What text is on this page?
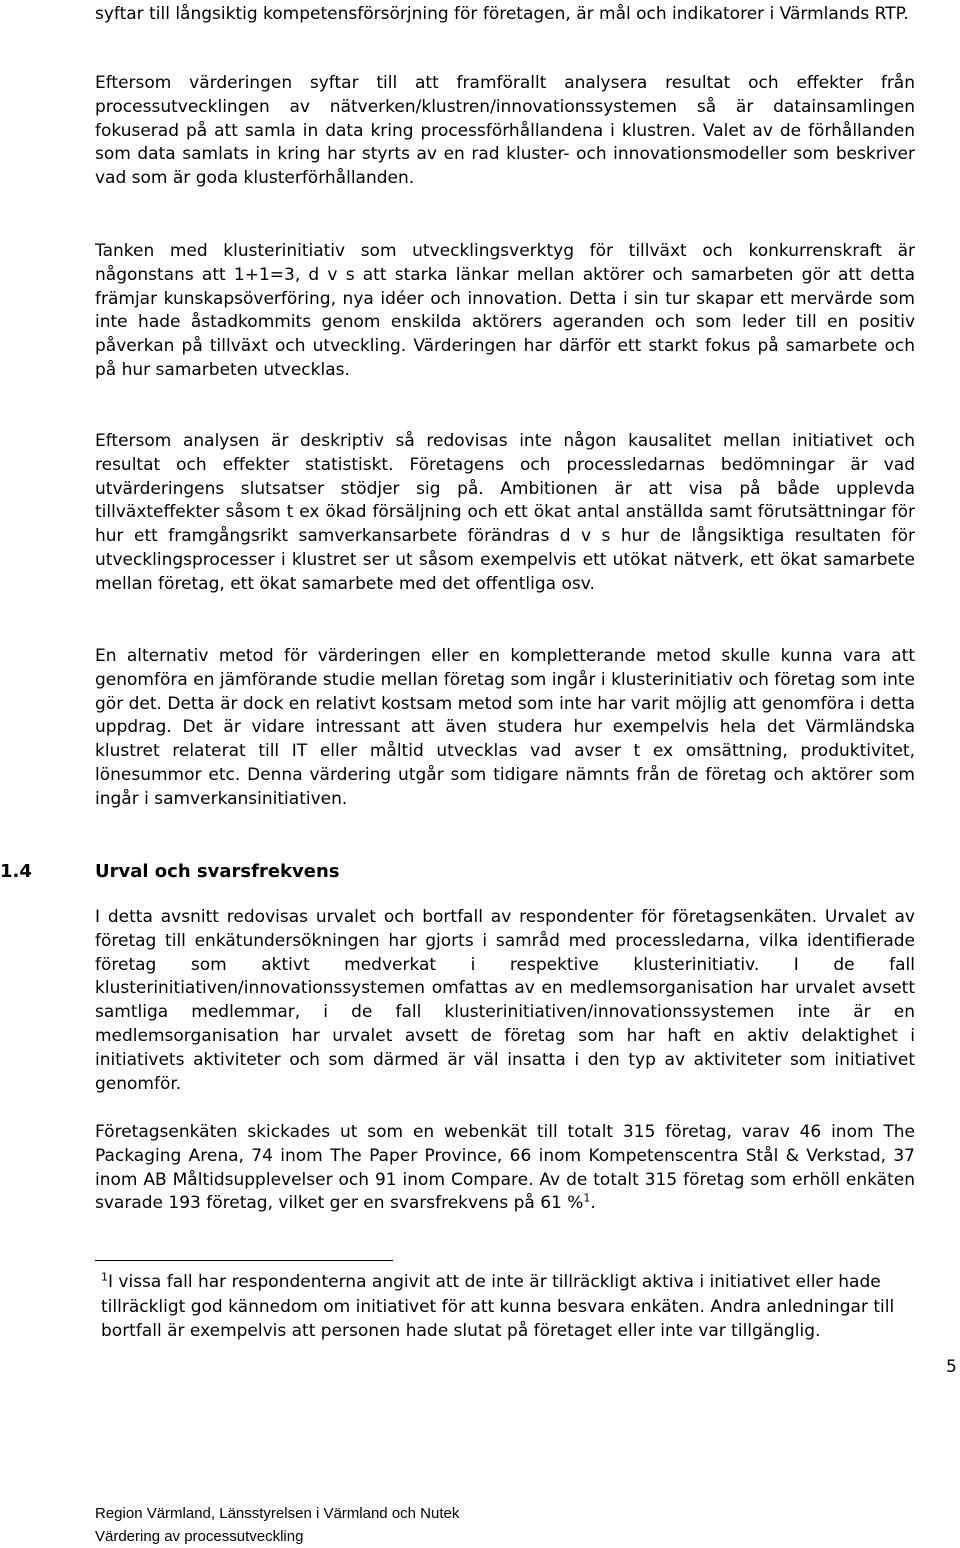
syftar till långsiktig kompetensförsörjning för företagen, är mål och indikatorer i Värmlands RTP.

Eftersom värderingen syftar till att framförallt analysera resultat och effekter från processutvecklingen av nätverken/klustren/innovationssystemen så är datainsamlingen fokuserad på att samla in data kring processförhållandena i klustren. Valet av de förhållanden som data samlats in kring har styrts av en rad kluster- och innovationsmodeller som beskriver vad som är goda klusterförhållanden.

Tanken med klusterinitiativ som utvecklingsverktyg för tillväxt och konkurrenskraft är någonstans att 1+1=3, d v s att starka länkar mellan aktörer och samarbeten gör att detta främjar kunskapsöverföring, nya idéer och innovation. Detta i sin tur skapar ett mervärde som inte hade åstadkommits genom enskilda aktörers ageranden och som leder till en positiv påverkan på tillväxt och utveckling. Värderingen har därför ett starkt fokus på samarbete och på hur samarbeten utvecklas.

Eftersom analysen är deskriptiv så redovisas inte någon kausalitet mellan initiativet och resultat och effekter statistiskt. Företagens och processledarnas bedömningar är vad utvärderingens slutsatser stödjer sig på. Ambitionen är att visa på både upplevda tillväxteffekter såsom t ex ökad försäljning och ett ökat antal anställda samt förutsättningar för hur ett framgångsrikt samverkansarbete förändras d v s hur de långsiktiga resultaten för utvecklingsprocesser i klustret ser ut såsom exempelvis ett utökat nätverk, ett ökat samarbete mellan företag, ett ökat samarbete med det offentliga osv.

En alternativ metod för värderingen eller en kompletterande metod skulle kunna vara att genomföra en jämförande studie mellan företag som ingår i klusterinitiativ och företag som inte gör det. Detta är dock en relativt kostsam metod som inte har varit möjlig att genomföra i detta uppdrag. Det är vidare intressant att även studera hur exempelvis hela det Värmländska klustret relaterat till IT eller måltid utvecklas vad avser t ex omsättning, produktivitet, lönesummor etc. Denna värdering utgår som tidigare nämnts från de företag och aktörer som ingår i samverkansinitiativen.

1.4	Urval och svarsfrekvens

I detta avsnitt redovisas urvalet och bortfall av respondenter för företagsenkäten. Urvalet av företag till enkätundersökningen har gjorts i samråd med processledarna, vilka identifierade företag som aktivt medverkat i respektive klusterinitiativ. I de fall klusterinitiativen/innovationssystemen omfattas av en medlemsorganisation har urvalet avsett samtliga medlemmar, i de fall klusterinitiativen/innovationssystemen inte är en medlemsorganisation har urvalet avsett de företag som har haft en aktiv delaktighet i initiativets aktiviteter och som därmed är väl insatta i den typ av aktiviteter som initiativet genomför.

Företagsenkäten skickades ut som en webenkät till totalt 315 företag, varav 46 inom The Packaging Arena, 74 inom The Paper Province, 66 inom Kompetenscentra Stål & Verkstad, 37 inom AB Måltidsupplevelser och 91 inom Compare. Av de totalt 315 företag som erhöll enkäten svarade 193 företag, vilket ger en svarsfrekvens på 61 %$^1$.

$^1$I vissa fall har respondenterna angivit att de inte är tillräckligt aktiva i initiativet eller hade tillräckligt god kännedom om initiativet för att kunna besvara enkäten. Andra anledningar till bortfall är exempelvis att personen hade slutat på företaget eller inte var tillgänglig.

5
Region Värmland, Länsstyrelsen i Värmland och Nutek
Värdering av processutveckling
